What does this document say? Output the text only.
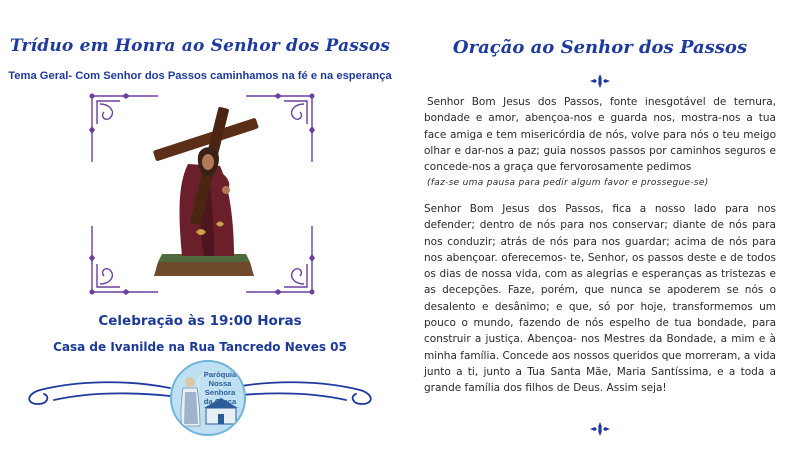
Tríduo em Honra ao Senhor dos Passos
Tema Geral- Com Senhor dos Passos caminhamos na fé e na esperança
Celebração às 19:00 Horas
Casa de Ivanilde na Rua Tancredo Neves 05
Paróquia
Nossa Senhora
da Graça
Oração ao Senhor dos Passos
Senhor Bom Jesus dos Passos, fonte inesgotável de ternura, bondade e amor, abençoa-nos e guarda nos, mostra-nos a tua face amiga e tem misericórdia de nós, volve para nós o teu meigo olhar e dar-nos a paz; guia nossos passos por caminhos seguros e concede-nos a graça que fervorosamente pedimos
(faz-se uma pausa para pedir algum favor e prossegue-se)
Senhor Bom Jesus dos Passos, fica a nosso lado para nos defender; dentro de nós para nos conservar; diante de nós para nos conduzir; atrás de nós para nos guardar; acima de nós para nos abençoar. oferecemos- te, Senhor, os passos deste e de todos os dias de nossa vida, com as alegrias e esperanças as tristezas e as decepções. Faze, porém, que nunca se apoderem se nós o desalento e desânimo; e que, só por hoje, transformemos um pouco o mundo, fazendo de nós espelho de tua bondade, para construir a justiça. Abençoa- nos Mestres da Bondade, a mim e à minha família. Concede aos nossos queridos que morreram, a vida junto a ti, junto a Tua Santa Mãe, Maria Santíssima, e a toda a grande família dos filhos de Deus. Assim seja!
